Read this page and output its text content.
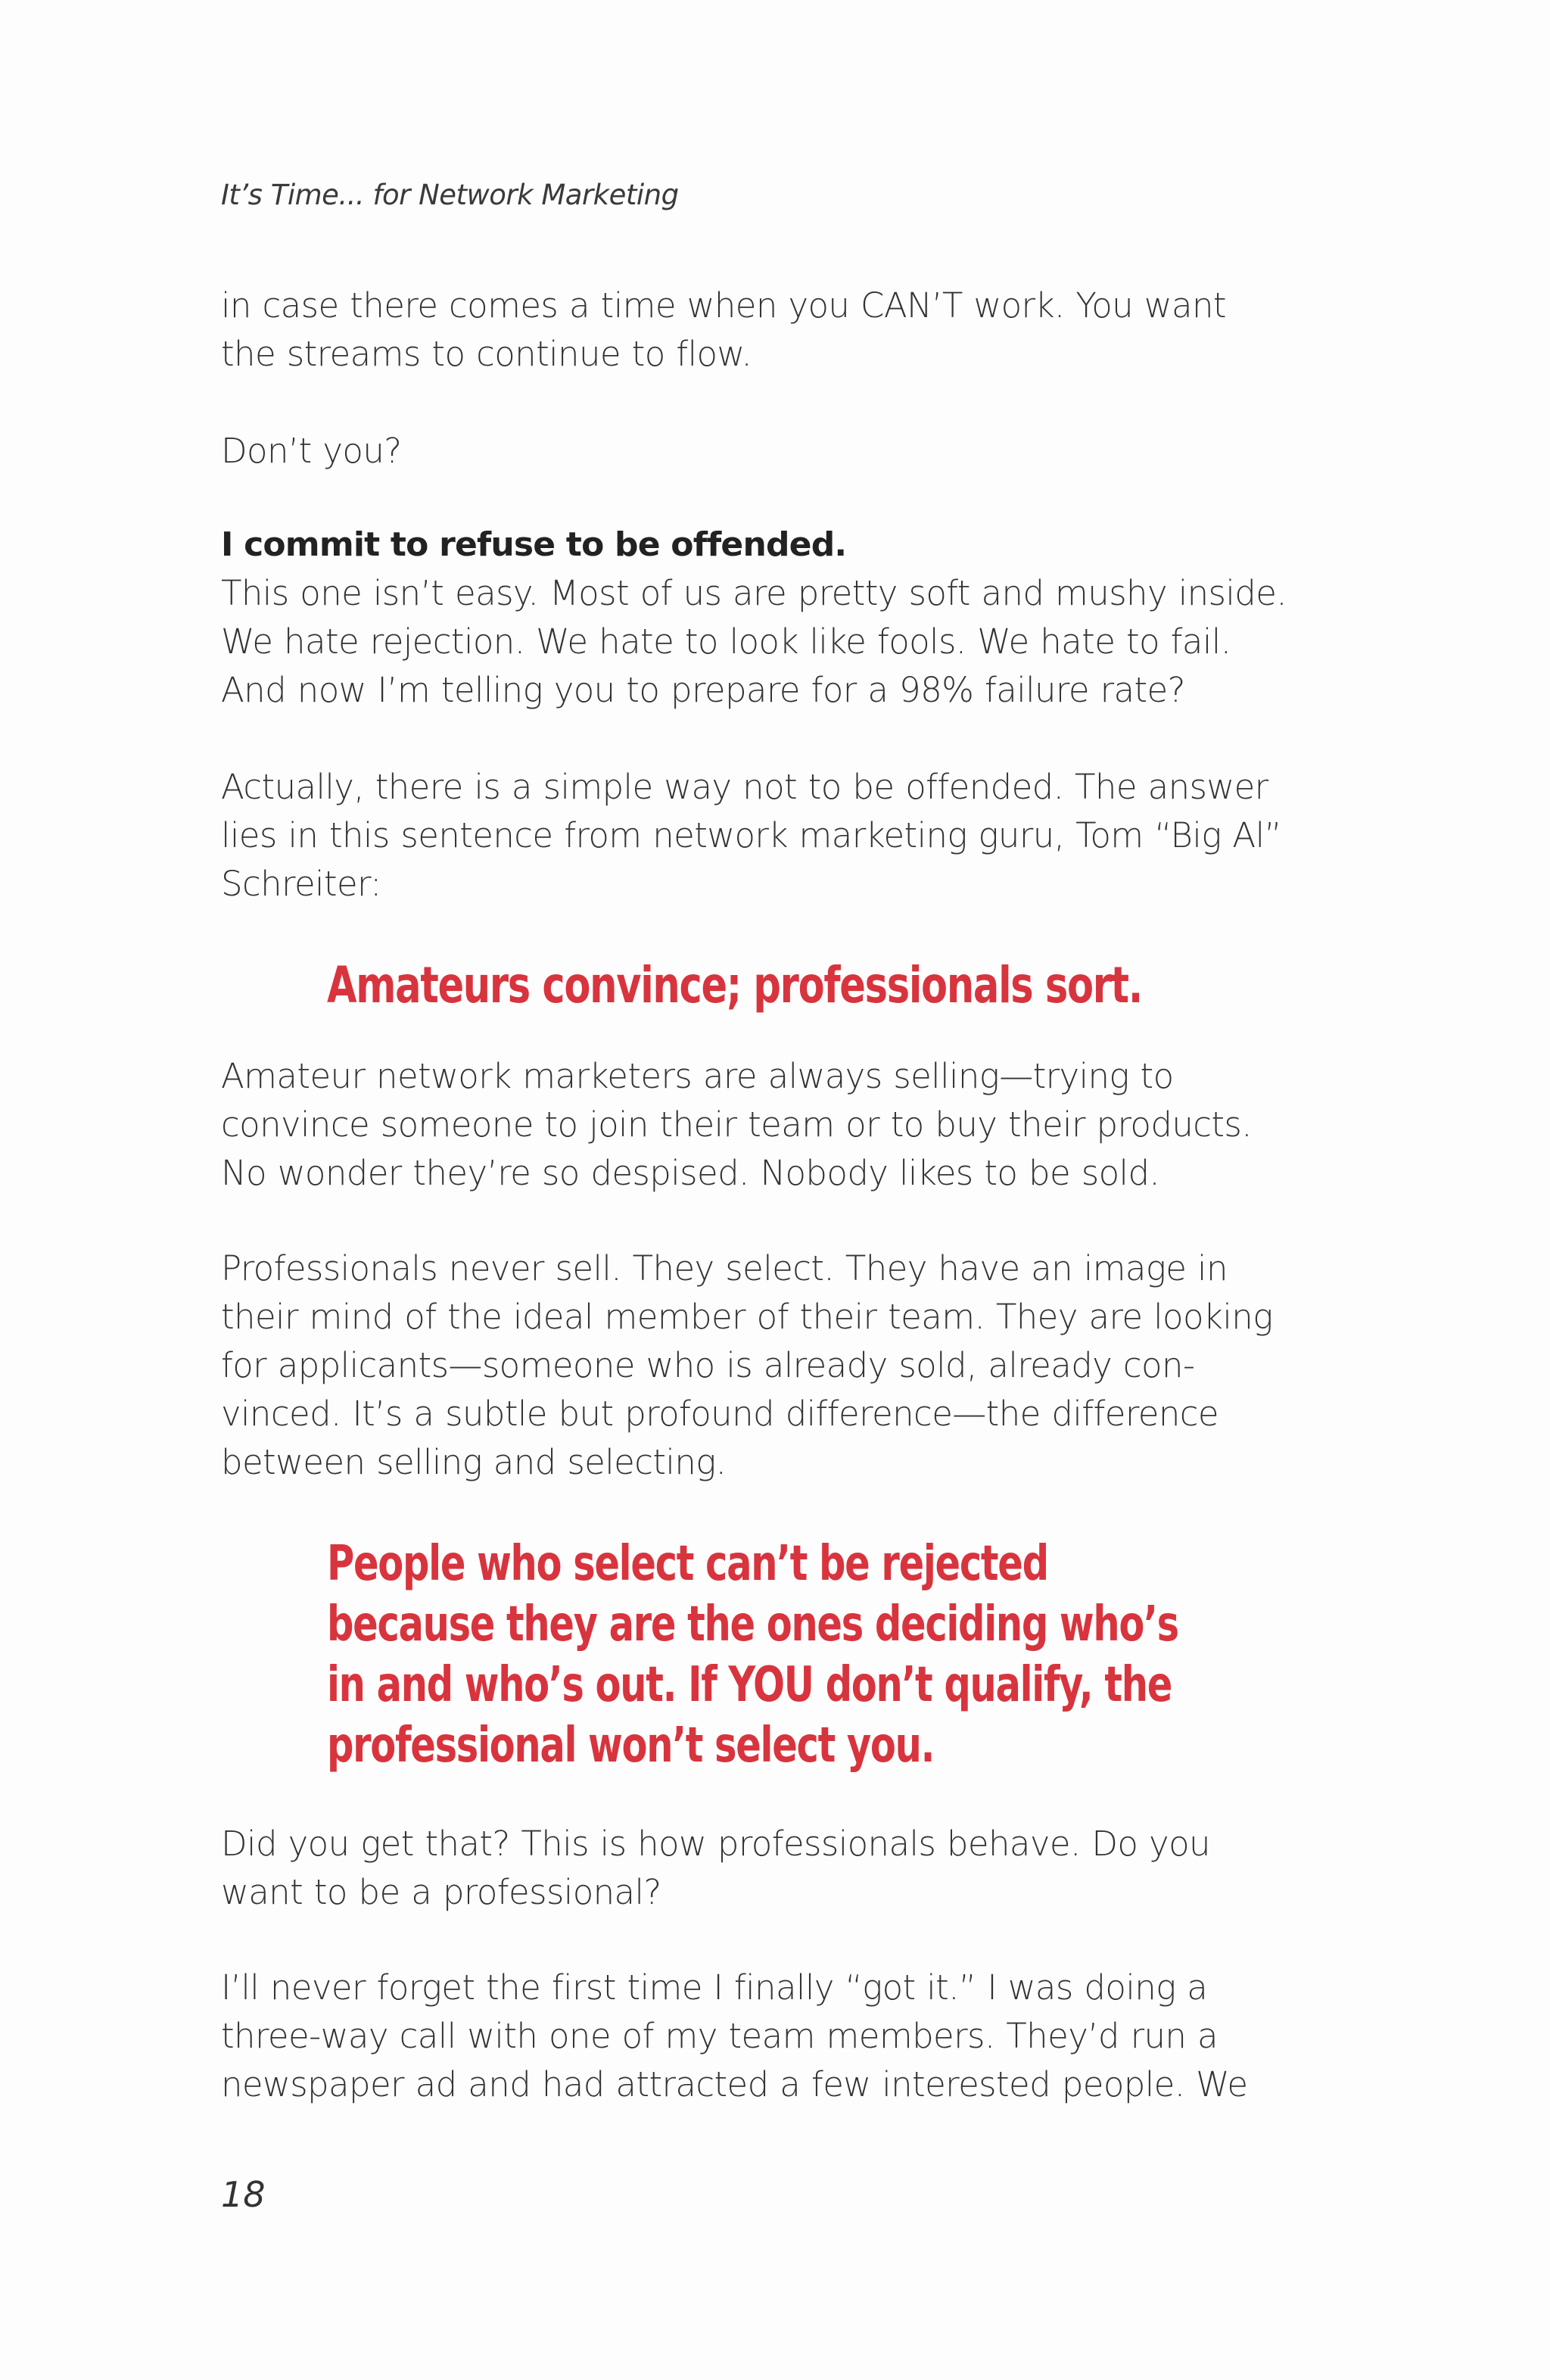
It’s Time... for Network Marketing

in case there comes a time when you CAN’T work. You want
the streams to continue to flow.

Don’t you?

I commit to refuse to be offended.

This one isn’t easy. Most of us are pretty soft and mushy inside.
We hate rejection. We hate to look like fools. We hate to fail.
And now I’m telling you to prepare for a 98% failure rate?

Actually, there is a simple way not to be offended. The answer
lies in this sentence from network marketing guru, Tom “Big Al”
Schreiter:

Amateurs convince; professionals sort.

Amateur network marketers are always selling—trying to
convince someone to join their team or to buy their products.
No wonder they’re so despised. Nobody likes to be sold.

Professionals never sell. They select. They have an image in
their mind of the ideal member of their team. They are looking
for applicants—someone who is already sold, already con-
vinced. It’s a subtle but profound difference—the difference
between selling and selecting.

People who select can’t be rejected
because they are the ones deciding who’s
in and who’s out. If YOU don’t qualify, the
professional won’t select you.

Did you get that? This is how professionals behave. Do you
want to be a professional?

I’ll never forget the first time I finally “got it.” I was doing a
three-way call with one of my team members. They’d run a
newspaper ad and had attracted a few interested people. We

18
